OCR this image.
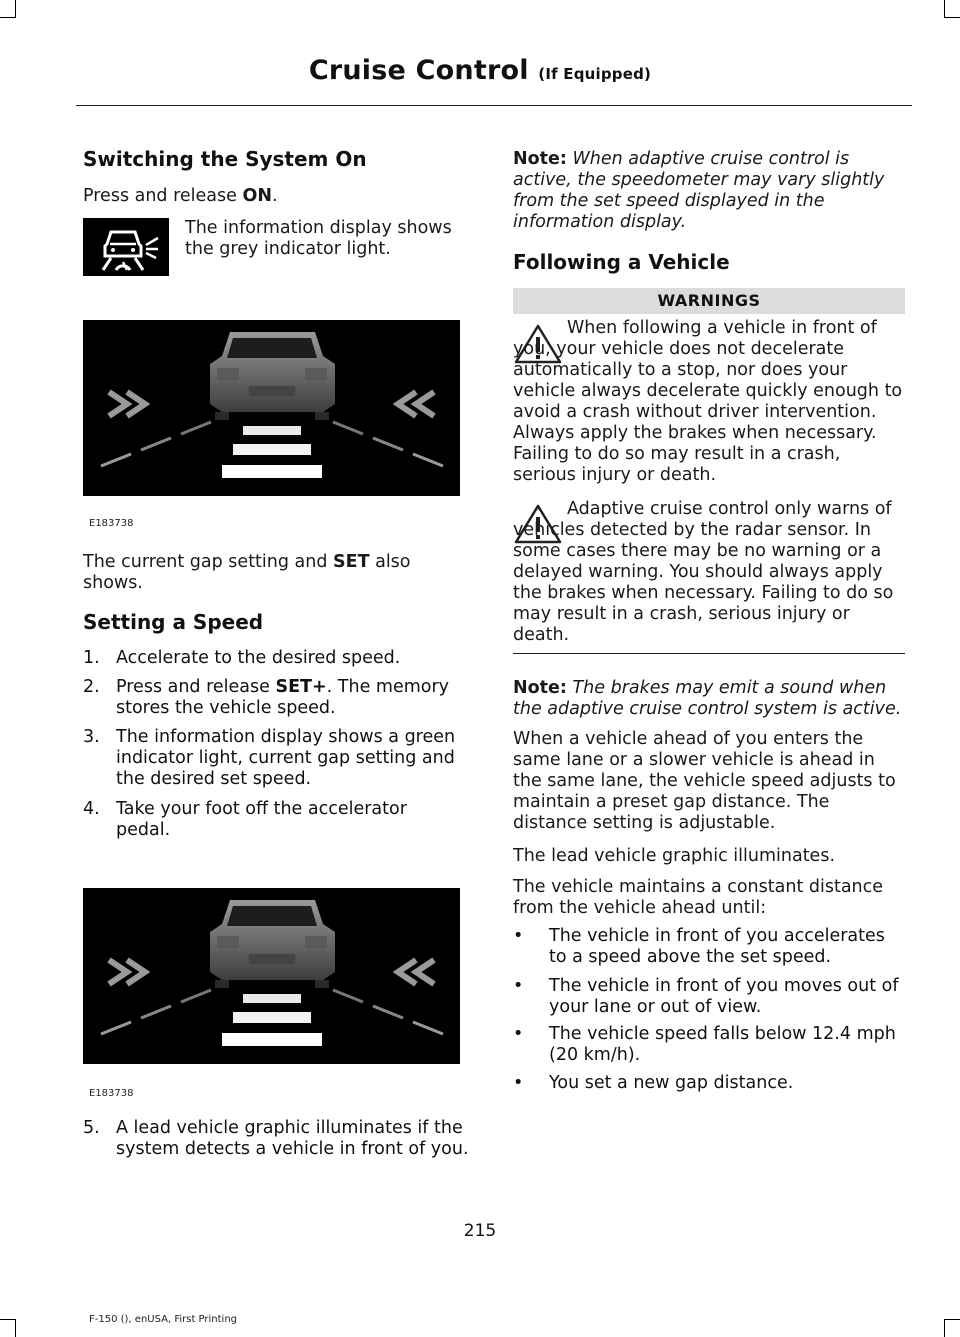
Cruise Control (If Equipped)
Switching the System On
Press and release ON.
The information display shows the grey indicator light.
E183738
The current gap setting and SET also shows.
Setting a Speed
1. Accelerate to the desired speed.
2. Press and release SET+. The memory stores the vehicle speed.
3. The information display shows a green indicator light, current gap setting and the desired set speed.
4. Take your foot off the accelerator pedal.
E183738
5. A lead vehicle graphic illuminates if the system detects a vehicle in front of you.
Note: When adaptive cruise control is active, the speedometer may vary slightly from the set speed displayed in the information display.
Following a Vehicle
WARNINGS
When following a vehicle in front of you, your vehicle does not decelerate automatically to a stop, nor does your vehicle always decelerate quickly enough to avoid a crash without driver intervention. Always apply the brakes when necessary. Failing to do so may result in a crash, serious injury or death.
Adaptive cruise control only warns of vehicles detected by the radar sensor. In some cases there may be no warning or a delayed warning. You should always apply the brakes when necessary. Failing to do so may result in a crash, serious injury or death.
Note: The brakes may emit a sound when the adaptive cruise control system is active.
When a vehicle ahead of you enters the same lane or a slower vehicle is ahead in the same lane, the vehicle speed adjusts to maintain a preset gap distance. The distance setting is adjustable.
The lead vehicle graphic illuminates.
The vehicle maintains a constant distance from the vehicle ahead until:
• The vehicle in front of you accelerates to a speed above the set speed.
• The vehicle in front of you moves out of your lane or out of view.
• The vehicle speed falls below 12.4 mph (20 km/h).
• You set a new gap distance.
215
F-150 (), enUSA, First Printing
